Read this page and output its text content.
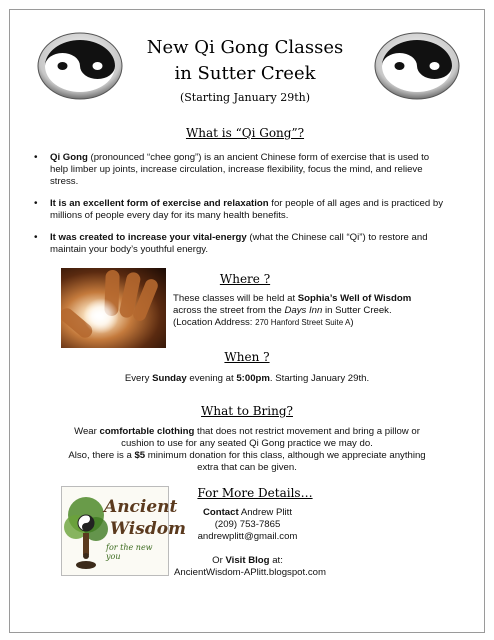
New Qi Gong Classes
in Sutter Creek
(Starting January 29th)
What is “Qi Gong”?
• Qi Gong (pronounced “chee gong”) is an ancient Chinese form of exercise that is used to help limber up joints, increase circulation, increase flexibility, focus the mind, and relieve stress.
• It is an excellent form of exercise and relaxation for people of all ages and is practiced by millions of people every day for its many health benefits.
• It was created to increase your vital-energy (what the Chinese call “Qi”) to restore and maintain your body’s youthful energy.
Where ?
These classes will be held at Sophia’s Well of Wisdom
across the street from the Days Inn in Sutter Creek.
(Location Address: 270 Hanford Street Suite A)
When ?
Every Sunday evening at 5:00pm. Starting January 29th.
What to Bring?
Wear comfortable clothing that does not restrict movement and bring a pillow or
cushion to use for any seated Qi Gong practice we may do.
Also, there is a $5 minimum donation for this class, although we appreciate anything
extra that can be given.
Ancient
Wisdom
for the new you
For More Details…
Contact Andrew Plitt
(209) 753-7865
andrewplitt@gmail.com
Or Visit Blog at:
AncientWisdom-APlitt.blogspot.com
